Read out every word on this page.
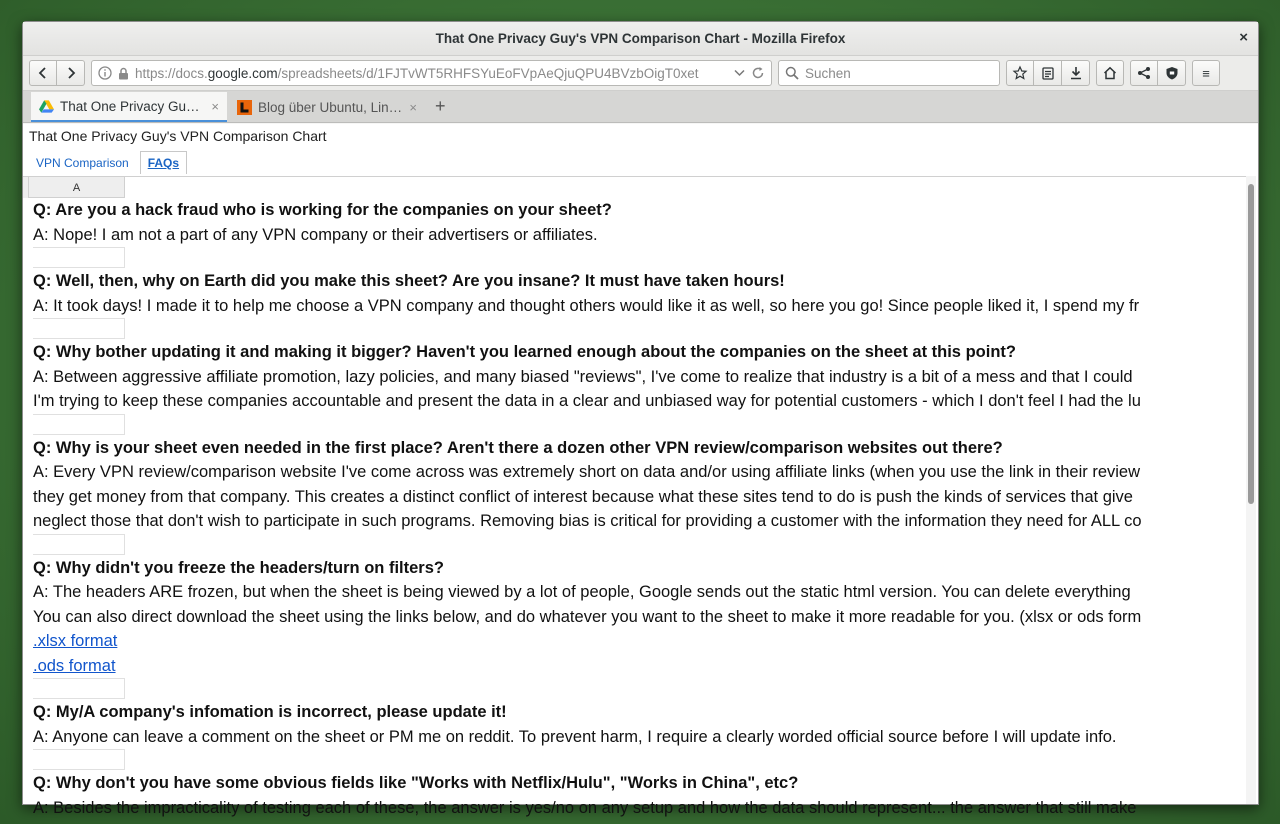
That One Privacy Guy's VPN Comparison Chart - Mozilla Firefox	×
https://docs.google.com/spreadsheets/d/1FJTvWT5RHFSYuEoFVpAeQjuQPU4BVzbOigT0xet	Suchen	≡
That One Privacy Gu… ×	Blog über Ubuntu, Lin… ×	+
That One Privacy Guy's VPN Comparison Chart
VPN Comparison	FAQs
A
Q: Are you a hack fraud who is working for the companies on your sheet?
A: Nope! I am not a part of any VPN company or their advertisers or affiliates.
Q: Well, then, why on Earth did you make this sheet? Are you insane? It must have taken hours!
A: It took days! I made it to help me choose a VPN company and thought others would like it as well, so here you go! Since people liked it, I spend my fr
Q: Why bother updating it and making it bigger? Haven't you learned enough about the companies on the sheet at this point?
A: Between aggressive affiliate promotion, lazy policies, and many biased "reviews", I've come to realize that industry is a bit of a mess and that I could
I'm trying to keep these companies accountable and present the data in a clear and unbiased way for potential customers - which I don't feel I had the lu
Q: Why is your sheet even needed in the first place? Aren't there a dozen other VPN review/comparison websites out there?
A: Every VPN review/comparison website I've come across was extremely short on data and/or using affiliate links (when you use the link in their review
they get money from that company. This creates a distinct conflict of interest because what these sites tend to do is push the kinds of services that give
neglect those that don't wish to participate in such programs. Removing bias is critical for providing a customer with the information they need for ALL co
Q: Why didn't you freeze the headers/turn on filters?
A: The headers ARE frozen, but when the sheet is being viewed by a lot of people, Google sends out the static html version. You can delete everything
You can also direct download the sheet using the links below, and do whatever you want to the sheet to make it more readable for you. (xlsx or ods form
.xlsx format
.ods format
Q: My/A company's infomation is incorrect, please update it!
A: Anyone can leave a comment on the sheet or PM me on reddit. To prevent harm, I require a clearly worded official source before I will update info.
Q: Why don't you have some obvious fields like "Works with Netflix/Hulu", "Works in China", etc?
A: Besides the impracticality of testing each of these, the answer is yes/no on any setup and how the data should represent... the answer that still make
